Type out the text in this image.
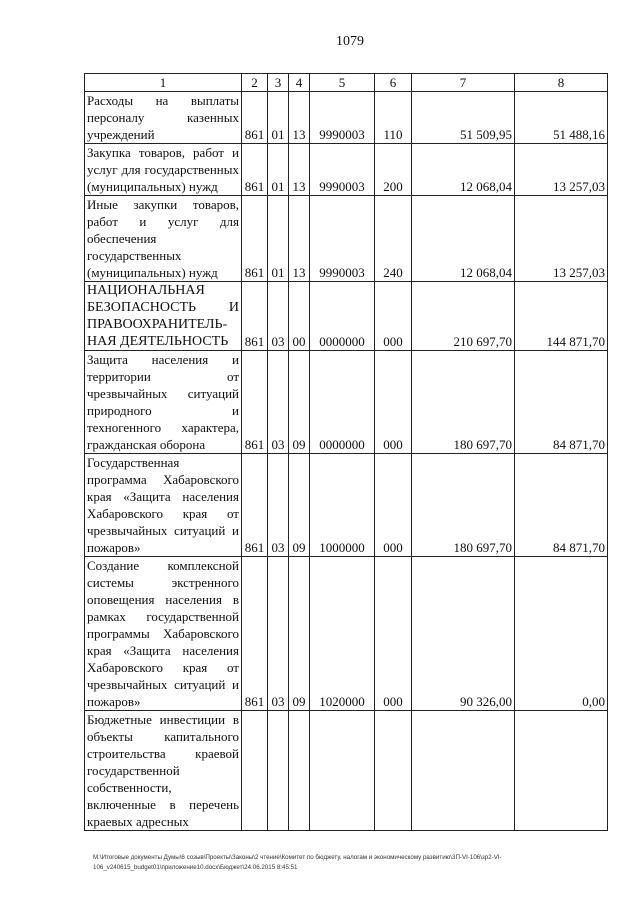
1079
1	2	3	4	5	6	7	8
Расходы на выплаты персоналу казенных учреждений	861	01	13	9990003	110	51 509,95	51 488,16
Закупка товаров, работ и услуг для государственных (муниципальных) нужд	861	01	13	9990003	200	12 068,04	13 257,03
Иные закупки товаров, работ и услуг для обеспечения государственных (муниципальных) нужд	861	01	13	9990003	240	12 068,04	13 257,03
НАЦИОНАЛЬНАЯ БЕЗОПАСНОСТЬ И ПРАВООХРАНИТЕЛЬ-НАЯ ДЕЯТЕЛЬНОСТЬ	861	03	00	0000000	000	210 697,70	144 871,70
Защита населения и территории от чрезвычайных ситуаций природного и техногенного характера, гражданская оборона	861	03	09	0000000	000	180 697,70	84 871,70
Государственная программа Хабаровского края «Защита населения Хабаровского края от чрезвычайных ситуаций и пожаров»	861	03	09	1000000	000	180 697,70	84 871,70
Создание комплексной системы экстренного оповещения населения в рамках государственной программы Хабаровского края «Защита населения Хабаровского края от чрезвычайных ситуаций и пожаров»	861	03	09	1020000	000	90 326,00	0,00
Бюджетные инвестиции в объекты капитального строительства краевой государственной собственности, включенные в перечень краевых адресных							
M:\Итоговые документы Думы\6 созыв\Проекты\Законы\2 чтение\Комитет по бюджету, налогам и экономическому развитию\3П-VI-106\зр2-VI-106_v240615_budget01\приложение10.docx\Бюджет\24.06.2015 8:45:51
